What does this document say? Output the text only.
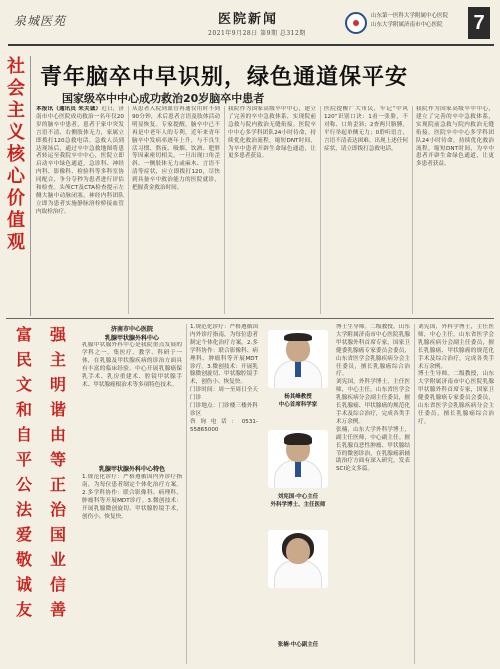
泉城医苑	医院新闻
2021年9月28日 第9期 总312期
山东第一医科大学附属中心医院
山东大学附属济南市中心医院 7
社
会
主
义
核
心
价
值
观
青年脑卒中早识别，绿色通道保平安
国家级卒中中心成功救治20岁脑卒中患者
本报讯（通讯员 朱关诚）近日，济南市中心医院成功救治一名年仅20岁的脑卒中患者，患者于家中突发言语不清、右侧肢体无力，家属立即拨打120急救电话。急救人员到达现场后，通过卒中急救地图将患者转运至我院卒中中心，医院立即启动卒中绿色通道，急诊科、神经内科、影像科、检验科等多科室协同配合，争分夺秒为患者进行评估和检查。头颅CT及CTA检查提示左侧大脑中动脉闭塞，神经内科团队立即为患者实施静脉溶栓桥接血管内取栓治疗。
从患者入院到血管再通仅用时不到90分钟，术后患者言语及肢体活动明显恢复。专家提醒，脑卒中已不再是中老年人的专利，近年来青年脑卒中发病率逐年上升，与不良生活习惯、熬夜、吸烟、饮酒、肥胖等因素密切相关。一旦出现口角歪斜、一侧肢体无力或麻木、言语不清等症状，应立即拨打120，尽快到具备卒中救治能力的医院就诊，把握黄金救治时间。
我院作为国家高级卒中中心，建立了完善的卒中急救体系，实现院前急救与院内救治无缝衔接。医院卒中中心多学科团队24小时待命，持续优化救治流程，缩短DNT时间，为卒中患者开辟生命绿色通道，让更多患者获益。
医院提醒广大市民，牢记“中风120”识别口诀：1看一张脸，不对称、口角歪斜；2查两只胳膊，平行举起单侧无力；0聆听语言，言语不清表达困难。出现上述任何症状，请立即拨打急救电话。
我院作为国家高级卒中中心，建立了完善的卒中急救体系，实现院前急救与院内救治无缝衔接。医院卒中中心多学科团队24小时待命，持续优化救治流程，缩短DNT时间，为卒中患者开辟生命绿色通道，让更多患者获益。
富
民
文
和
自
平
公
法
爱
敬
诚
友
强
主
明
谐
由
等
正
治
国
业
信
善
济南市中心医院
乳腺甲状腺外科中心
乳腺甲状腺外科中心是我院重点发展的学科之一，集医疗、教学、科研于一体，在乳腺及甲状腺疾病的诊治方面具有丰富的临床经验。中心开展乳腺癌保乳手术、乳房重建术、腔镜甲状腺手术、甲状腺癌根治术等多项特色技术。
乳腺甲状腺外科中心特色
1.规范化诊疗：严格遵循国内外诊疗指南，为每位患者制定个体化治疗方案。2.多学科协作：联合影像科、病理科、肿瘤科等开展MDT诊疗。3.微创技术：开展乳腺微创旋切、甲状腺腔镜手术，创伤小、恢复快。
1.规范化诊疗：严格遵循国内外诊疗指南，为每位患者制定个体化治疗方案。2.多学科协作：联合影像科、病理科、肿瘤科等开展MDT诊疗。3.微创技术：开展乳腺微创旋切、甲状腺腔镜手术，创伤小、恢复快。
门诊时间：周一至周日全天门诊
门诊地点：门诊楼三楼外科诊区
咨询电话：0531-55865000
杨其峰教授
中心首席科学家
刘宪国·中心主任
外科学博士、主任医师
张楠·中心副主任
博士生导师。二级教授，山东大学附属济南市中心医院乳腺甲状腺外科首席专家，国家卫健委乳腺癌专家委员会委员，山东省医学会乳腺疾病分会主任委员，擅长乳腺癌综合治疗。
刘宪国，外科学博士，主任医师，中心主任。山东省医学会乳腺疾病分会副主任委员，擅长乳腺癌、甲状腺癌的规范化手术及综合治疗，完成各类手术万余例。
张楠，山东大学外科学博士，副主任医师，中心副主任。擅长乳腺良恶性肿瘤、甲状腺结节的微创诊治，在乳腺癌新辅助治疗方面有深入研究，发表SCI论文多篇。
刘宪国，外科学博士，主任医师，中心主任。山东省医学会乳腺疾病分会副主任委员，擅长乳腺癌、甲状腺癌的规范化手术及综合治疗，完成各类手术万余例。
博士生导师。二级教授，山东大学附属济南市中心医院乳腺甲状腺外科首席专家，国家卫健委乳腺癌专家委员会委员，山东省医学会乳腺疾病分会主任委员，擅长乳腺癌综合治疗。
